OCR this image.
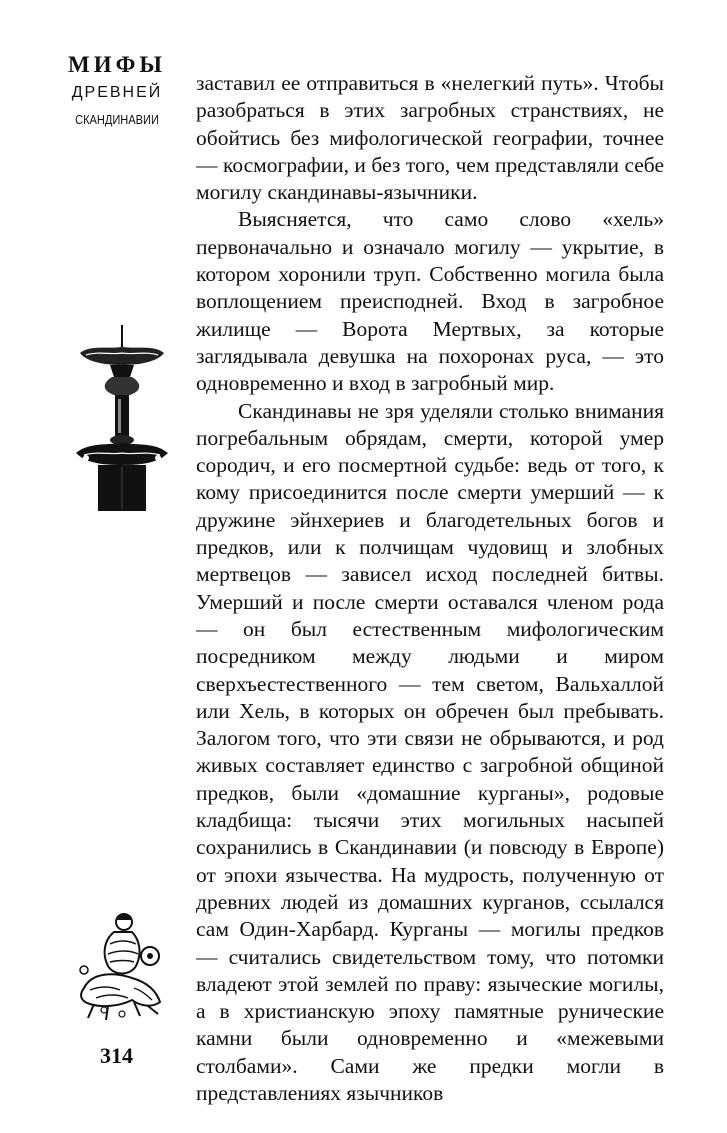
МИФЫ
ДРЕВНЕЙ
СКАНДИНАВИИ

заставил ее отправиться в «нелегкий путь». Чтобы разобраться в этих загробных странствиях, не обойтись без мифологической географии, точнее — космографии, и без того, чем представляли себе могилу скандинавы-язычники.

Выясняется, что само слово «хель» первоначально и означало могилу — укрытие, в котором хоронили труп. Собственно могила была воплощением преисподней. Вход в загробное жилище — Ворота Мертвых, за которые заглядывала девушка на похоронах руса, — это одновременно и вход в загробный мир.

Скандинавы не зря уделяли столько внимания погребальным обрядам, смерти, которой умер сородич, и его посмертной судьбе: ведь от того, к кому присоединится после смерти умерший — к дружине эйнхериев и благодетельных богов и предков, или к полчищам чудовищ и злобных мертвецов — зависел исход последней битвы. Умерший и после смерти оставался членом рода — он был естественным мифологическим посредником между людьми и миром сверхъестественного — тем светом, Вальхаллой или Хель, в которых он обречен был пребывать. Залогом того, что эти связи не обрываются, и род живых составляет единство с загробной общиной предков, были «домашние курганы», родовые кладбища: тысячи этих могильных насыпей сохранились в Скандинавии (и повсюду в Европе) от эпохи язычества. На мудрость, полученную от древних людей из домашних курганов, ссылался сам Один-Харбард. Курганы — могилы предков — считались свидетельством тому, что потомки владеют этой землей по праву: языческие могилы, а в христианскую эпоху памятные рунические камни были одновременно и «межевыми столбами». Сами же предки могли в представлениях язычников

314
